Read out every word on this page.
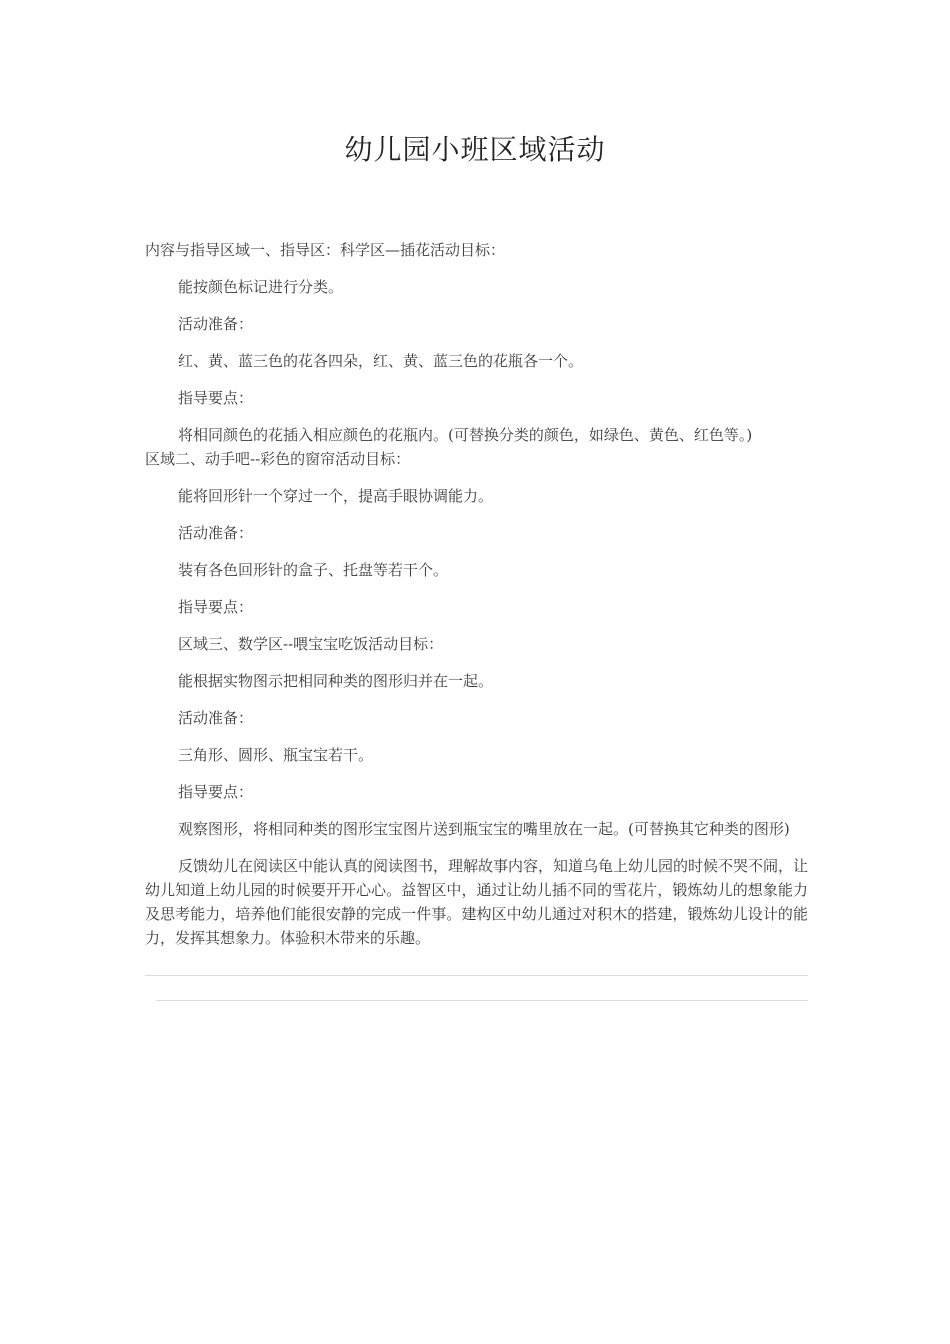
幼儿园小班区域活动

内容与指导区域一、指导区：科学区—插花活动目标：

能按颜色标记进行分类。

活动准备：

红、黄、蓝三色的花各四朵，红、黄、蓝三色的花瓶各一个。

指导要点：

将相同颜色的花插入相应颜色的花瓶内。(可替换分类的颜色，如绿色、黄色、红色等。)

区域二、动手吧--彩色的窗帘活动目标：

能将回形针一个穿过一个，提高手眼协调能力。

活动准备：

装有各色回形针的盒子、托盘等若干个。

指导要点：

区域三、数学区--喂宝宝吃饭活动目标：

能根据实物图示把相同种类的图形归并在一起。

活动准备：

三角形、圆形、瓶宝宝若干。

指导要点：

观察图形，将相同种类的图形宝宝图片送到瓶宝宝的嘴里放在一起。(可替换其它种类的图形)

反馈幼儿在阅读区中能认真的阅读图书，理解故事内容，知道乌龟上幼儿园的时候不哭不闹，让幼儿知道上幼儿园的时候要开开心心。益智区中，通过让幼儿插不同的雪花片，锻炼幼儿的想象能力及思考能力，培养他们能很安静的完成一件事。建构区中幼儿通过对积木的搭建，锻炼幼儿设计的能力，发挥其想象力。体验积木带来的乐趣。
